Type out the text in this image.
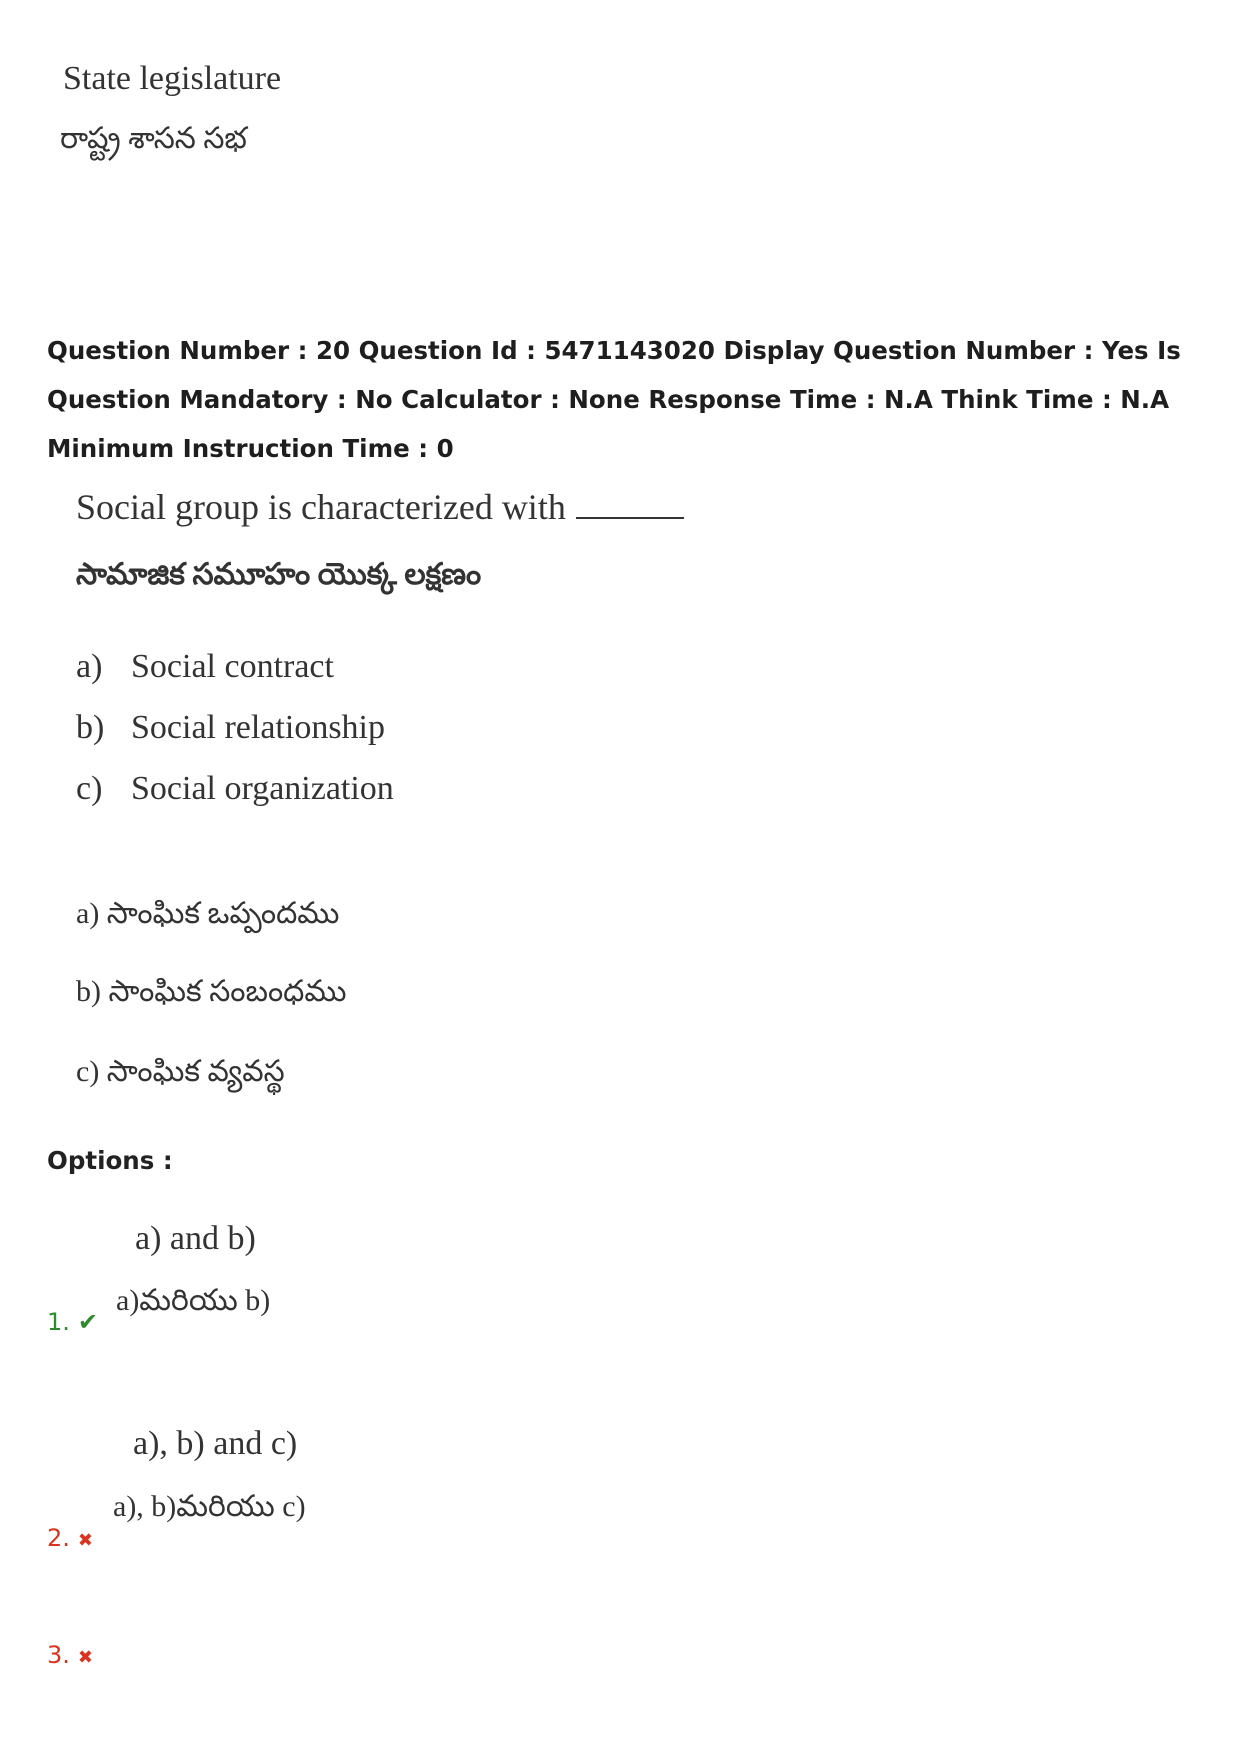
State legislature
రాష్ట్ర శాసన సభ
Question Number : 20 Question Id : 5471143020 Display Question Number : Yes Is Question Mandatory : No Calculator : None Response Time : N.A Think Time : N.A Minimum Instruction Time : 0
Social group is characterized with
సామాజిక సమూహం యొక్క లక్షణం
a) Social contract
b) Social relationship
c) Social organization
a) సాంఘిక ఒప్పందము
b) సాంఘిక సంబంధము
c) సాంఘిక వ్యవస్థ
Options :
a) and b)
a)మరియు b)
1. ✔
a), b) and c)
a), b)మరియు c)
2. ✖
3. ✖
